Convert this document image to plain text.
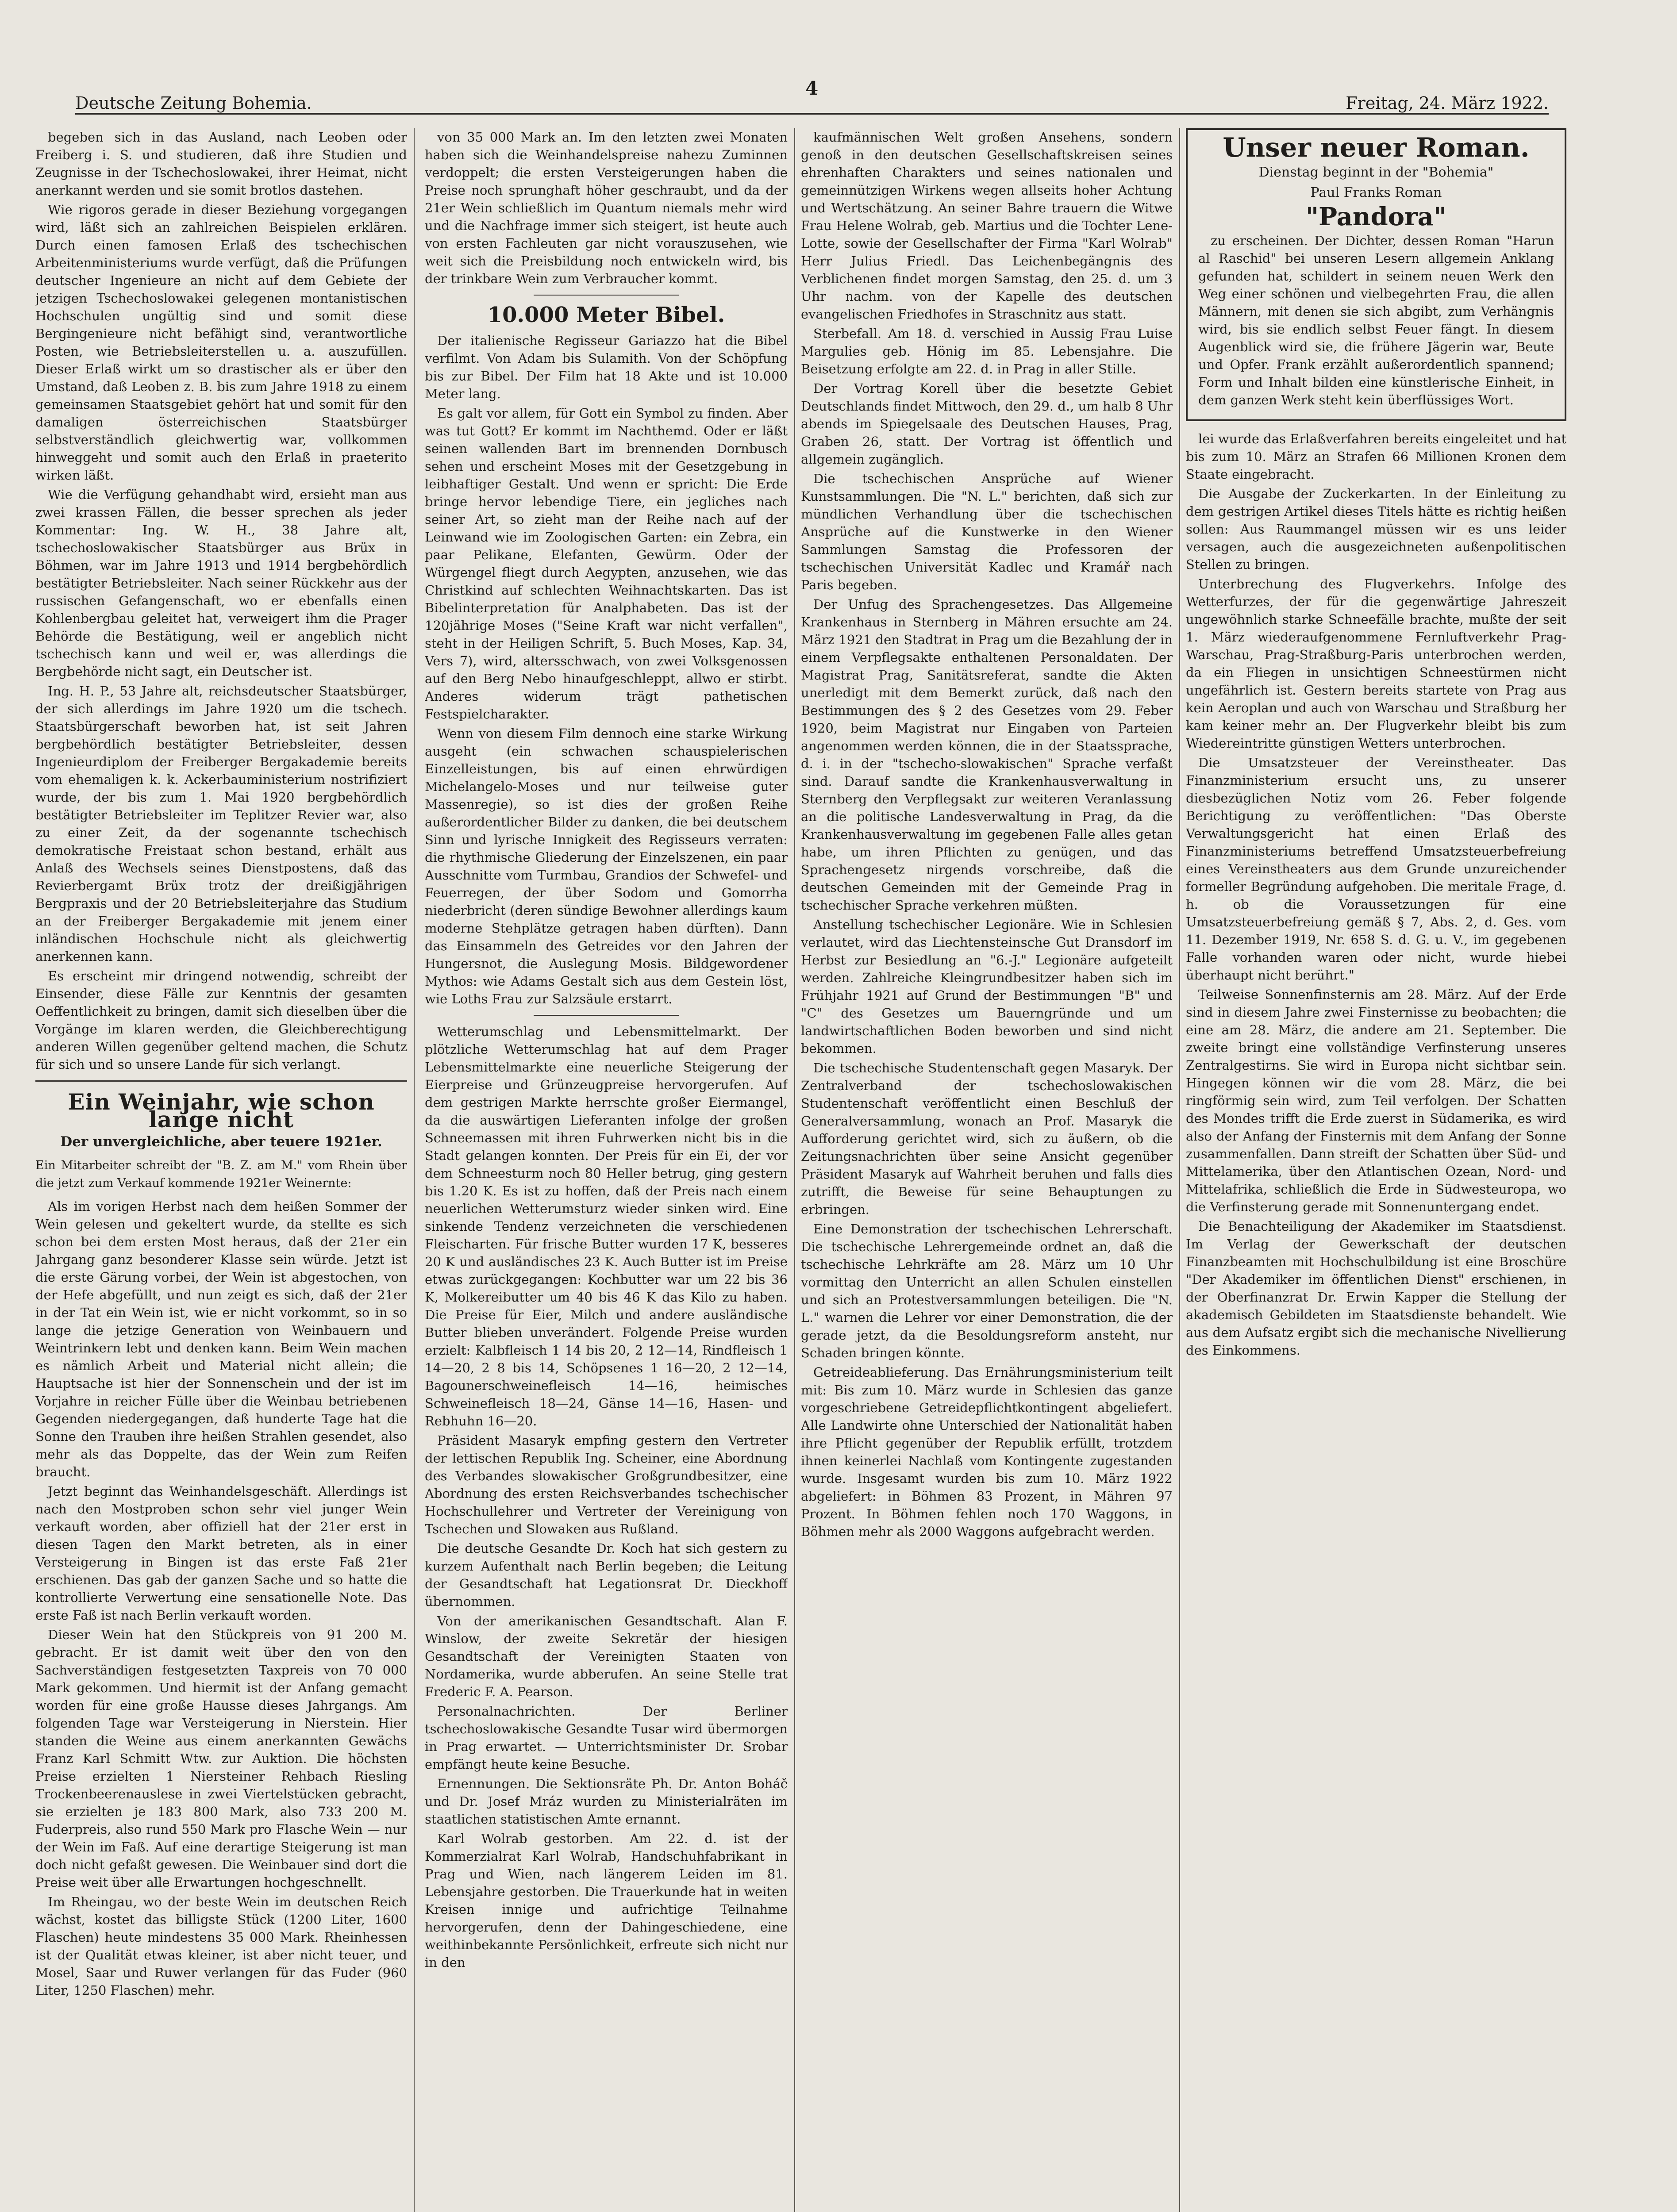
Deutsche Zeitung Bohemia.
4
Freitag, 24. März 1922.

begeben sich in das Ausland, nach Leoben oder Freiberg i. S. und studieren, daß ihre Studien und Zeugnisse in der Tschechoslowakei, ihrer Heimat, nicht anerkannt werden und sie somit brotlos dastehen.

Wie rigoros gerade in dieser Beziehung vorgegangen wird, läßt sich an zahlreichen Beispielen erklären. Durch einen famosen Erlaß des tschechischen Arbeitenministeriums wurde verfügt, daß die Prüfungen deutscher Ingenieure an nicht auf dem Gebiete der jetzigen Tschechoslowakei gelegenen montanistischen Hochschulen ungültig sind und somit diese Bergingenieure nicht befähigt sind, verantwortliche Posten, wie Betriebsleiterstellen u. a. auszufüllen. Dieser Erlaß wirkt um so drastischer als er über den Umstand, daß Leoben z. B. bis zum Jahre 1918 zu einem gemeinsamen Staatsgebiet gehört hat und somit für den damaligen österreichischen Staatsbürger selbstverständlich gleichwertig war, vollkommen hinweggeht und somit auch den Erlaß in praeterito wirken läßt.

Wie die Verfügung gehandhabt wird, ersieht man aus zwei krassen Fällen, die besser sprechen als jeder Kommentar: Ing. W. H., 38 Jahre alt, tschechoslowakischer Staatsbürger aus Brüx in Böhmen, war im Jahre 1913 und 1914 bergbehördlich bestätigter Betriebsleiter. Nach seiner Rückkehr aus der russischen Gefangenschaft, wo er ebenfalls einen Kohlenbergbau geleitet hat, verweigert ihm die Prager Behörde die Bestätigung, weil er angeblich nicht tschechisch kann und weil er, was allerdings die Bergbehörde nicht sagt, ein Deutscher ist.

Ing. H. P., 53 Jahre alt, reichsdeutscher Staatsbürger, der sich allerdings im Jahre 1920 um die tschech. Staatsbürgerschaft beworben hat, ist seit Jahren bergbehördlich bestätigter Betriebsleiter, dessen Ingenieurdiplom der Freiberger Bergakademie bereits vom ehemaligen k. k. Ackerbauministerium nostrifiziert wurde, der bis zum 1. Mai 1920 bergbehördlich bestätigter Betriebsleiter im Teplitzer Revier war, also zu einer Zeit, da der sogenannte tschechisch demokratische Freistaat schon bestand, erhält aus Anlaß des Wechsels seines Dienstpostens, daß das Revierbergamt Brüx trotz der dreißigjährigen Bergpraxis und der 20 Betriebsleiterjahre das Studium an der Freiberger Bergakademie mit jenem einer inländischen Hochschule nicht als gleichwertig anerkennen kann.

Es erscheint mir dringend notwendig, schreibt der Einsender, diese Fälle zur Kenntnis der gesamten Oeffentlichkeit zu bringen, damit sich dieselben über die Vorgänge im klaren werden, die Gleichberechtigung anderen Willen gegenüber geltend machen, die Schutz für sich und so unsere Lande für sich verlangt.

Ein Weinjahr, wie schon lange nicht
Der unvergleichliche, aber teuere 1921er.

Ein Mitarbeiter schreibt der "B. Z. am M." vom Rhein über die jetzt zum Verkauf kommende 1921er Weinernte:

Als im vorigen Herbst nach dem heißen Sommer der Wein gelesen und gekeltert wurde, da stellte es sich schon bei dem ersten Most heraus, daß der 21er ein Jahrgang ganz besonderer Klasse sein würde. Jetzt ist die erste Gärung vorbei, der Wein ist abgestochen, von der Hefe abgefüllt, und nun zeigt es sich, daß der 21er in der Tat ein Wein ist, wie er nicht vorkommt, so in so lange die jetzige Generation von Weinbauern und Weintrinkern lebt und denken kann. Beim Wein machen es nämlich Arbeit und Material nicht allein; die Hauptsache ist hier der Sonnenschein und der ist im Vorjahre in reicher Fülle über die Weinbau betriebenen Gegenden niedergegangen, daß hunderte Tage hat die Sonne den Trauben ihre heißen Strahlen gesendet, also mehr als das Doppelte, das der Wein zum Reifen braucht.

Jetzt beginnt das Weinhandelsgeschäft. Allerdings ist nach den Mostproben schon sehr viel junger Wein verkauft worden, aber offiziell hat der 21er erst in diesen Tagen den Markt betreten, als in einer Versteigerung in Bingen ist das erste Faß 21er erschienen. Das gab der ganzen Sache und so hatte die kontrollierte Verwertung eine sensationelle Note. Das erste Faß ist nach Berlin verkauft worden.

Dieser Wein hat den Stückpreis von 91 200 M. gebracht. Er ist damit weit über den von den Sachverständigen festgesetzten Taxpreis von 70 000 Mark gekommen. Und hiermit ist der Anfang gemacht worden für eine große Hausse dieses Jahrgangs. Am folgenden Tage war Versteigerung in Nierstein. Hier standen die Weine aus einem anerkannten Gewächs Franz Karl Schmitt Wtw. zur Auktion. Die höchsten Preise erzielten 1 Niersteiner Rehbach Riesling Trockenbeerenauslese in zwei Viertelstücken gebracht, sie erzielten je 183 800 Mark, also 733 200 M. Fuderpreis, also rund 550 Mark pro Flasche Wein — nur der Wein im Faß. Auf eine derartige Steigerung ist man doch nicht gefaßt gewesen. Die Weinbauer sind dort die Preise weit über alle Erwartungen hochgeschnellt.

Im Rheingau, wo der beste Wein im deutschen Reich wächst, kostet das billigste Stück (1200 Liter, 1600 Flaschen) heute mindestens 35 000 Mark. Rheinhessen ist der Qualität etwas kleiner, ist aber nicht teuer, und Mosel, Saar und Ruwer verlangen für das Fuder (960 Liter, 1250 Flaschen) mehr.

von 35 000 Mark an. Im den letzten zwei Monaten haben sich die Weinhandelspreise nahezu Zuminnen verdoppelt; die ersten Versteigerungen haben die Preise noch sprunghaft höher geschraubt, und da der 21er Wein schließlich im Quantum niemals mehr wird und die Nachfrage immer sich steigert, ist heute auch von ersten Fachleuten gar nicht vorauszusehen, wie weit sich die Preisbildung noch entwickeln wird, bis der trinkbare Wein zum Verbraucher kommt.

10.000 Meter Bibel.

Der italienische Regisseur Gariazzo hat die Bibel verfilmt. Von Adam bis Sulamith. Von der Schöpfung bis zur Bibel. Der Film hat 18 Akte und ist 10.000 Meter lang.

Es galt vor allem, für Gott ein Symbol zu finden. Aber was tut Gott? Er kommt im Nachthemd. Oder er läßt seinen wallenden Bart im brennenden Dornbusch sehen und erscheint Moses mit der Gesetzgebung in leibhaftiger Gestalt. Und wenn er spricht: Die Erde bringe hervor lebendige Tiere, ein jegliches nach seiner Art, so zieht man der Reihe nach auf der Leinwand wie im Zoologischen Garten: ein Zebra, ein paar Pelikane, Elefanten, Gewürm. Oder der Würgengel fliegt durch Aegypten, anzusehen, wie das Christkind auf schlechten Weihnachtskarten. Das ist Bibelinterpretation für Analphabeten. Das ist der 120jährige Moses ("Seine Kraft war nicht verfallen", steht in der Heiligen Schrift, 5. Buch Moses, Kap. 34, Vers 7), wird, altersschwach, von zwei Volksgenossen auf den Berg Nebo hinaufgeschleppt, allwo er stirbt. Anderes widerum trägt pathetischen Festspielcharakter.

Wenn von diesem Film dennoch eine starke Wirkung ausgeht (ein schwachen schauspielerischen Einzelleistungen, bis auf einen ehrwürdigen Michelangelo-Moses und nur teilweise guter Massenregie), so ist dies der großen Reihe außerordentlicher Bilder zu danken, die bei deutschem Sinn und lyrische Innigkeit des Regisseurs verraten: die rhythmische Gliederung der Einzelszenen, ein paar Ausschnitte vom Turmbau, Grandios der Schwefel- und Feuerregen, der über Sodom und Gomorrha niederbricht (deren sündige Bewohner allerdings kaum moderne Stehplätze getragen haben dürften). Dann das Einsammeln des Getreides vor den Jahren der Hungersnot, die Auslegung Mosis. Bildgewordener Mythos: wie Adams Gestalt sich aus dem Gestein löst, wie Loths Frau zur Salzsäule erstarrt.

Wetterumschlag und Lebensmittelmarkt. Der plötzliche Wetterumschlag hat auf dem Prager Lebensmittelmarkte eine neuerliche Steigerung der Eierpreise und Grünzeugpreise hervorgerufen. Auf dem gestrigen Markte herrschte großer Eiermangel, da die auswärtigen Lieferanten infolge der großen Schneemassen mit ihren Fuhrwerken nicht bis in die Stadt gelangen konnten. Der Preis für ein Ei, der vor dem Schneesturm noch 80 Heller betrug, ging gestern bis 1.20 K. Es ist zu hoffen, daß der Preis nach einem neuerlichen Wetterumsturz wieder sinken wird. Eine sinkende Tendenz verzeichneten die verschiedenen Fleischarten. Für frische Butter wurden 17 K, besseres 20 K und ausländisches 23 K. Auch Butter ist im Preise etwas zurückgegangen: Kochbutter war um 22 bis 36 K, Molkereibutter um 40 bis 46 K das Kilo zu haben. Die Preise für Eier, Milch und andere ausländische Butter blieben unverändert. Folgende Preise wurden erzielt: Kalbfleisch 1 14 bis 20, 2 12—14, Rindfleisch 1 14—20, 2 8 bis 14, Schöpsenes 1 16—20, 2 12—14, Bagounerschweinefleisch 14—16, heimisches Schweinefleisch 18—24, Gänse 14—16, Hasen- und Rebhuhn 16—20.

Präsident Masaryk empfing gestern den Vertreter der lettischen Republik Ing. Scheiner, eine Abordnung des Verbandes slowakischer Großgrundbesitzer, eine Abordnung des ersten Reichsverbandes tschechischer Hochschullehrer und Vertreter der Vereinigung von Tschechen und Slowaken aus Rußland.

Die deutsche Gesandte Dr. Koch hat sich gestern zu kurzem Aufenthalt nach Berlin begeben; die Leitung der Gesandtschaft hat Legationsrat Dr. Dieckhoff übernommen.

Von der amerikanischen Gesandtschaft. Alan F. Winslow, der zweite Sekretär der hiesigen Gesandtschaft der Vereinigten Staaten von Nordamerika, wurde abberufen. An seine Stelle trat Frederic F. A. Pearson.

Personalnachrichten. Der Berliner tschechoslowakische Gesandte Tusar wird übermorgen in Prag erwartet. — Unterrichtsminister Dr. Srobar empfängt heute keine Besuche.

Ernennungen. Die Sektionsräte Ph. Dr. Anton Boháč und Dr. Josef Mráz wurden zu Ministerialräten im staatlichen statistischen Amte ernannt.

Karl Wolrab gestorben. Am 22. d. ist der Kommerzialrat Karl Wolrab, Handschuhfabrikant in Prag und Wien, nach längerem Leiden im 81. Lebensjahre gestorben. Die Trauerkunde hat in weiten Kreisen innige und aufrichtige Teilnahme hervorgerufen, denn der Dahingeschiedene, eine weithinbekannte Persönlichkeit, erfreute sich nicht nur in den

kaufmännischen Welt großen Ansehens, sondern genoß in den deutschen Gesellschaftskreisen seines ehrenhaften Charakters und seines nationalen und gemeinnützigen Wirkens wegen allseits hoher Achtung und Wertschätzung. An seiner Bahre trauern die Witwe Frau Helene Wolrab, geb. Martius und die Tochter Lene-Lotte, sowie der Gesellschafter der Firma "Karl Wolrab" Herr Julius Friedl. Das Leichenbegängnis des Verblichenen findet morgen Samstag, den 25. d. um 3 Uhr nachm. von der Kapelle des deutschen evangelischen Friedhofes in Straschnitz aus statt.

Sterbefall. Am 18. d. verschied in Aussig Frau Luise Margulies geb. Hönig im 85. Lebensjahre. Die Beisetzung erfolgte am 22. d. in Prag in aller Stille.

Der Vortrag Korell über die besetzte Gebiet Deutschlands findet Mittwoch, den 29. d., um halb 8 Uhr abends im Spiegelsaale des Deutschen Hauses, Prag, Graben 26, statt. Der Vortrag ist öffentlich und allgemein zugänglich.

Die tschechischen Ansprüche auf Wiener Kunstsammlungen. Die "N. L." berichten, daß sich zur mündlichen Verhandlung über die tschechischen Ansprüche auf die Kunstwerke in den Wiener Sammlungen Samstag die Professoren der tschechischen Universität Kadlec und Kramář nach Paris begeben.

Der Unfug des Sprachengesetzes. Das Allgemeine Krankenhaus in Sternberg in Mähren ersuchte am 24. März 1921 den Stadtrat in Prag um die Bezahlung der in einem Verpflegsakte enthaltenen Personaldaten. Der Magistrat Prag, Sanitätsreferat, sandte die Akten unerledigt mit dem Bemerkt zurück, daß nach den Bestimmungen des § 2 des Gesetzes vom 29. Feber 1920, beim Magistrat nur Eingaben von Parteien angenommen werden können, die in der Staatssprache, d. i. in der "tschecho-slowakischen" Sprache verfaßt sind. Darauf sandte die Krankenhausverwaltung in Sternberg den Verpflegsakt zur weiteren Veranlassung an die politische Landesverwaltung in Prag, da die Krankenhausverwaltung im gegebenen Falle alles getan habe, um ihren Pflichten zu genügen, und das Sprachengesetz nirgends vorschreibe, daß die deutschen Gemeinden mit der Gemeinde Prag in tschechischer Sprache verkehren müßten.

Anstellung tschechischer Legionäre. Wie in Schlesien verlautet, wird das Liechtensteinsche Gut Dransdorf im Herbst zur Besiedlung an "6.-J." Legionäre aufgeteilt werden. Zahlreiche Kleingrundbesitzer haben sich im Frühjahr 1921 auf Grund der Bestimmungen "B" und "C" des Gesetzes um Bauerngründe und um landwirtschaftlichen Boden beworben und sind nicht bekommen.

Die tschechische Studentenschaft gegen Masaryk. Der Zentralverband der tschechoslowakischen Studentenschaft veröffentlicht einen Beschluß der Generalversammlung, wonach an Prof. Masaryk die Aufforderung gerichtet wird, sich zu äußern, ob die Zeitungsnachrichten über seine Ansicht gegenüber Präsident Masaryk auf Wahrheit beruhen und falls dies zutrifft, die Beweise für seine Behauptungen zu erbringen.

Eine Demonstration der tschechischen Lehrerschaft. Die tschechische Lehrergemeinde ordnet an, daß die tschechische Lehrkräfte am 28. März um 10 Uhr vormittag den Unterricht an allen Schulen einstellen und sich an Protestversammlungen beteiligen. Die "N. L." warnen die Lehrer vor einer Demonstration, die der gerade jetzt, da die Besoldungsreform ansteht, nur Schaden bringen könnte.

Getreideablieferung. Das Ernährungsministerium teilt mit: Bis zum 10. März wurde in Schlesien das ganze vorgeschriebene Getreidepflichtkontingent abgeliefert. Alle Landwirte ohne Unterschied der Nationalität haben ihre Pflicht gegenüber der Republik erfüllt, trotzdem ihnen keinerlei Nachlaß vom Kontingente zugestanden wurde. Insgesamt wurden bis zum 10. März 1922 abgeliefert: in Böhmen 83 Prozent, in Mähren 97 Prozent. In Böhmen fehlen noch 170 Waggons, in Böhmen mehr als 2000 Waggons aufgebracht werden.

Unser neuer Roman.
Dienstag beginnt in der "Bohemia"
Paul Franks Roman
"Pandora"

zu erscheinen. Der Dichter, dessen Roman "Harun al Raschid" bei unseren Lesern allgemein Anklang gefunden hat, schildert in seinem neuen Werk den Weg einer schönen und vielbegehrten Frau, die allen Männern, mit denen sie sich abgibt, zum Verhängnis wird, bis sie endlich selbst Feuer fängt. In diesem Augenblick wird sie, die frühere Jägerin war, Beute und Opfer. Frank erzählt außerordentlich spannend; Form und Inhalt bilden eine künstlerische Einheit, in dem ganzen Werk steht kein überflüssiges Wort.

lei wurde das Erlaßverfahren bereits eingeleitet und hat bis zum 10. März an Strafen 66 Millionen Kronen dem Staate eingebracht.

Die Ausgabe der Zuckerkarten. In der Einleitung zu dem gestrigen Artikel dieses Titels hätte es richtig heißen sollen: Aus Raummangel müssen wir es uns leider versagen, auch die ausgezeichneten außenpolitischen Stellen zu bringen.

Unterbrechung des Flugverkehrs. Infolge des Wetterfurzes, der für die gegenwärtige Jahreszeit ungewöhnlich starke Schneefälle brachte, mußte der seit 1. März wiederaufgenommene Fernluftverkehr Prag-Warschau, Prag-Straßburg-Paris unterbrochen werden, da ein Fliegen in unsichtigen Schneestürmen nicht ungefährlich ist. Gestern bereits startete von Prag aus kein Aeroplan und auch von Warschau und Straßburg her kam keiner mehr an. Der Flugverkehr bleibt bis zum Wiedereintritte günstigen Wetters unterbrochen.

Die Umsatzsteuer der Vereinstheater. Das Finanzministerium ersucht uns, zu unserer diesbezüglichen Notiz vom 26. Feber folgende Berichtigung zu veröffentlichen: "Das Oberste Verwaltungsgericht hat einen Erlaß des Finanzministeriums betreffend Umsatzsteuerbefreiung eines Vereinstheaters aus dem Grunde unzureichender formeller Begründung aufgehoben. Die meritale Frage, d. h. ob die Voraussetzungen für eine Umsatzsteuerbefreiung gemäß § 7, Abs. 2, d. Ges. vom 11. Dezember 1919, Nr. 658 S. d. G. u. V., im gegebenen Falle vorhanden waren oder nicht, wurde hiebei überhaupt nicht berührt."

Teilweise Sonnenfinsternis am 28. März. Auf der Erde sind in diesem Jahre zwei Finsternisse zu beobachten; die eine am 28. März, die andere am 21. September. Die zweite bringt eine vollständige Verfinsterung unseres Zentralgestirns. Sie wird in Europa nicht sichtbar sein. Hingegen können wir die vom 28. März, die bei ringförmig sein wird, zum Teil verfolgen. Der Schatten des Mondes trifft die Erde zuerst in Südamerika, es wird also der Anfang der Finsternis mit dem Anfang der Sonne zusammenfallen. Dann streift der Schatten über Süd- und Mittelamerika, über den Atlantischen Ozean, Nord- und Mittelafrika, schließlich die Erde in Südwesteuropa, wo die Verfinsterung gerade mit Sonnenuntergang endet.

Die Benachteiligung der Akademiker im Staatsdienst. Im Verlag der Gewerkschaft der deutschen Finanzbeamten mit Hochschulbildung ist eine Broschüre "Der Akademiker im öffentlichen Dienst" erschienen, in der Oberfinanzrat Dr. Erwin Kapper die Stellung der akademisch Gebildeten im Staatsdienste behandelt. Wie aus dem Aufsatz ergibt sich die mechanische Nivellierung des Einkommens.
